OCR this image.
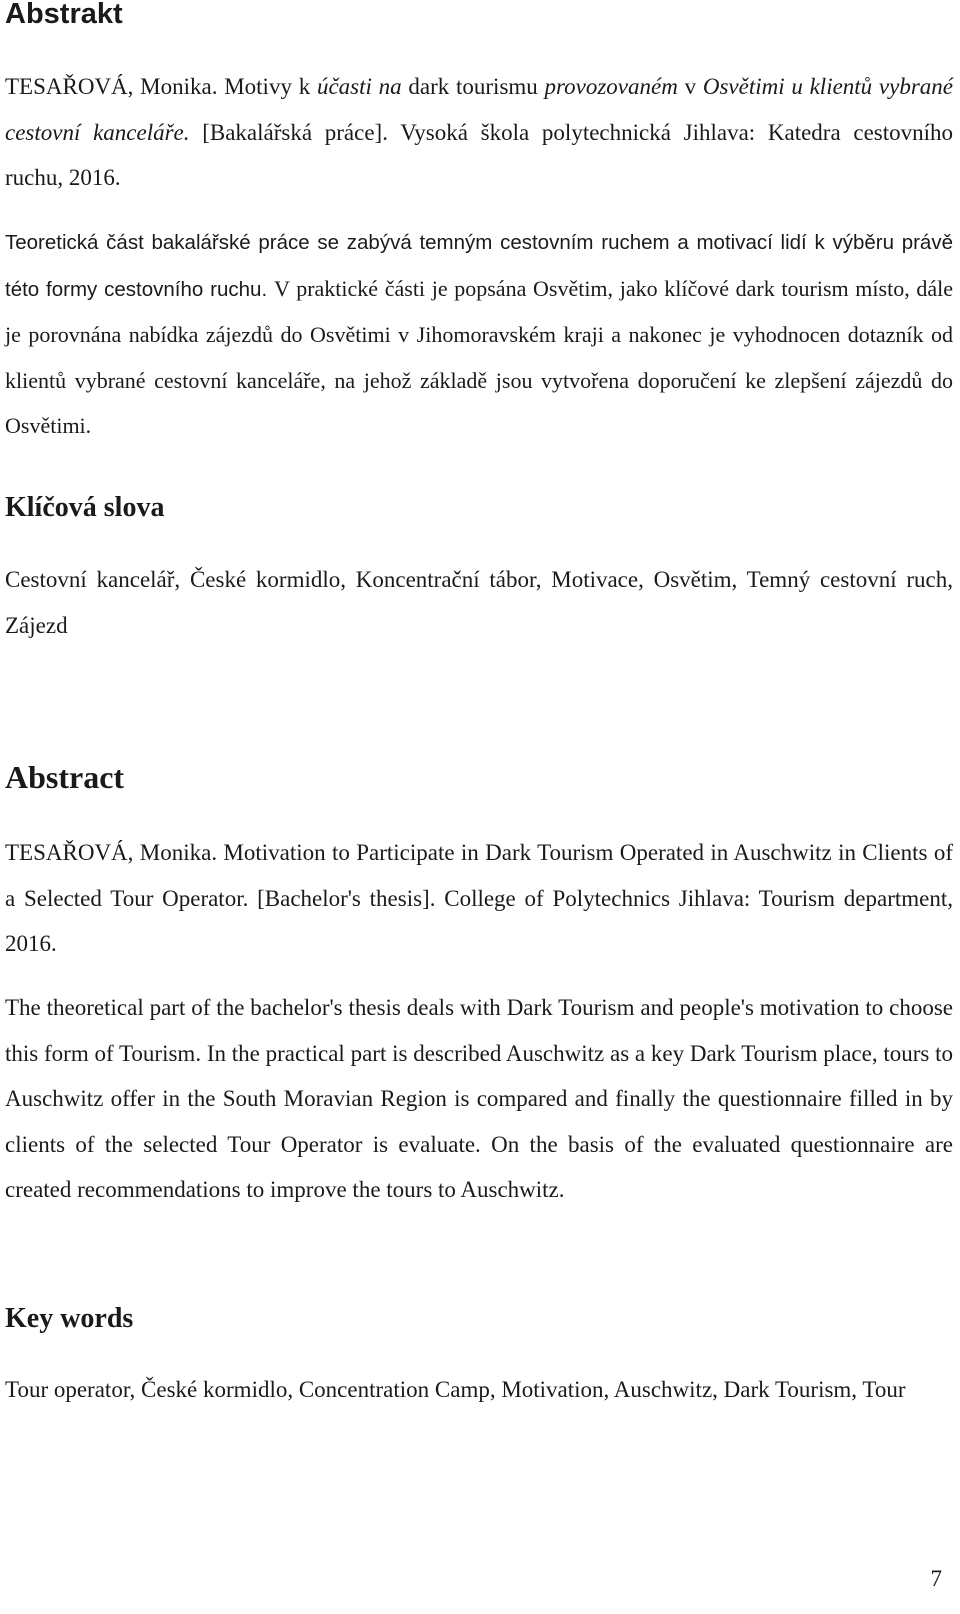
Abstrakt

TESAŘOVÁ, Monika. Motivy k účasti na dark tourismu provozovaném v Osvětimi u klientů vybrané cestovní kanceláře. [Bakalářská práce]. Vysoká škola polytechnická Jihlava: Katedra cestovního ruchu, 2016.

Teoretická část bakalářské práce se zabývá temným cestovním ruchem a motivací lidí k výběru právě této formy cestovního ruchu. V praktické části je popsána Osvětim, jako klíčové dark tourism místo, dále je porovnána nabídka zájezdů do Osvětimi v Jihomoravském kraji a nakonec je vyhodnocen dotazník od klientů vybrané cestovní kanceláře, na jehož základě jsou vytvořena doporučení ke zlepšení zájezdů do Osvětimi.

Klíčová slova

Cestovní kancelář, České kormidlo, Koncentrační tábor, Motivace, Osvětim, Temný cestovní ruch, Zájezd

Abstract

TESAŘOVÁ, Monika. Motivation to Participate in Dark Tourism Operated in Auschwitz in Clients of a Selected Tour Operator. [Bachelor's thesis]. College of Polytechnics Jihlava: Tourism department, 2016.

The theoretical part of the bachelor's thesis deals with Dark Tourism and people's motivation to choose this form of Tourism. In the practical part is described Auschwitz as a key Dark Tourism place, tours to Auschwitz offer in the South Moravian Region is compared and finally the questionnaire filled in by clients of the selected Tour Operator is evaluate. On the basis of the evaluated questionnaire are created recommendations to improve the tours to Auschwitz.

Key words

Tour operator, České kormidlo, Concentration Camp, Motivation, Auschwitz, Dark Tourism, Tour

7
